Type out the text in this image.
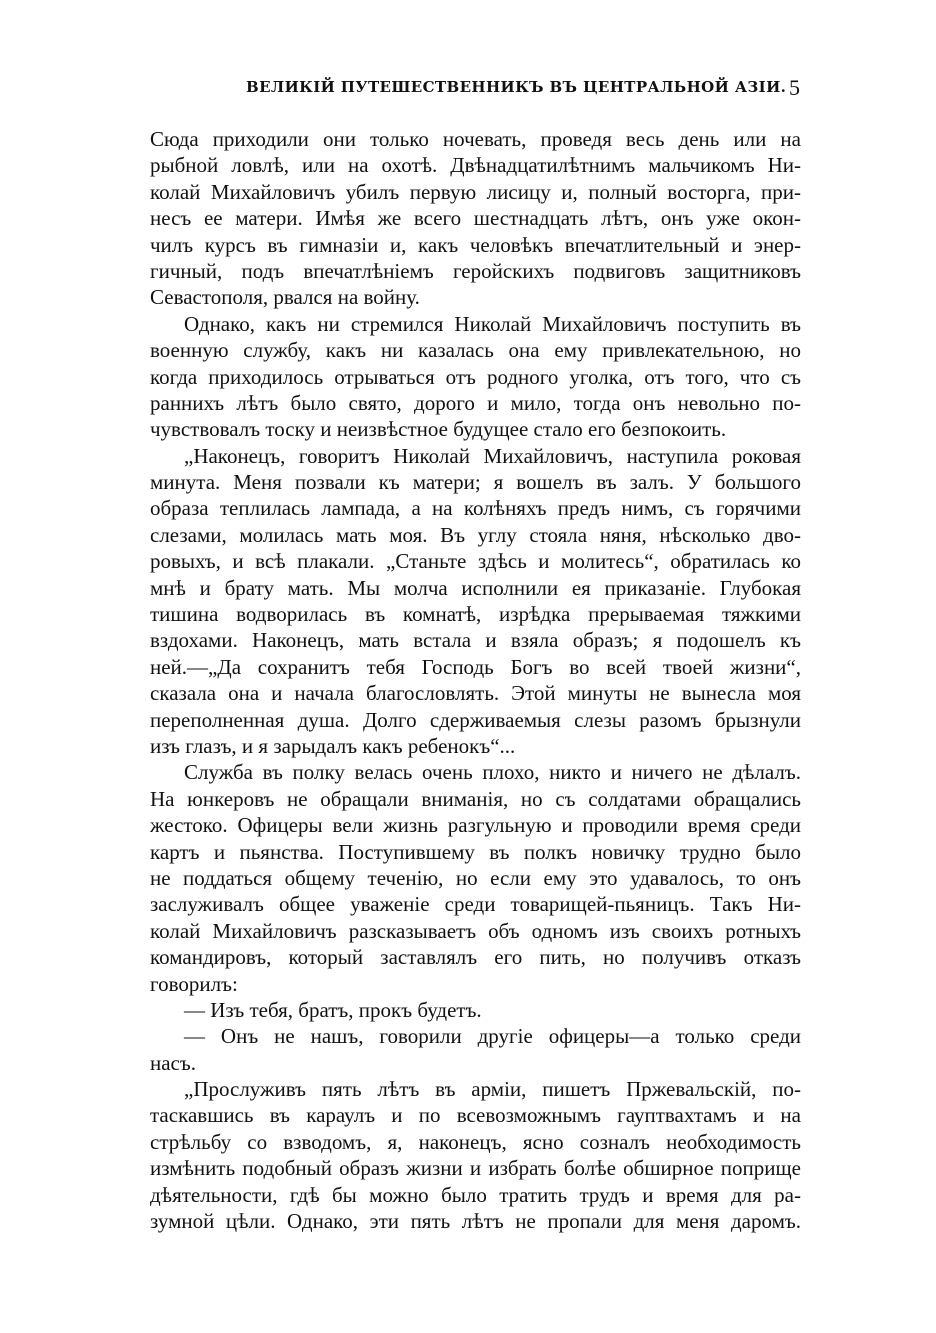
ВЕЛИКІЙ ПУТЕШЕСТВЕННИКЪ ВЪ ЦЕНТРАЛЬНОЙ АЗІИ. 5
Сюда приходили они только ночевать, проведя весь день или на
рыбной ловлѣ, или на охотѣ. Двѣнадцатилѣтнимъ мальчикомъ Ни-
колай Михайловичъ убилъ первую лисицу и, полный восторга, при-
несъ ее матери. Имѣя же всего шестнадцать лѣтъ, онъ уже окон-
чилъ курсъ въ гимназіи и, какъ человѣкъ впечатлительный и энер-
гичный, подъ впечатлѣніемъ геройскихъ подвиговъ защитниковъ
Севастополя, рвался на войну.
Однако, какъ ни стремился Николай Михайловичъ поступить въ
военную службу, какъ ни казалась она ему привлекательною, но
когда приходилось отрываться отъ родного уголка, отъ того, что съ
раннихъ лѣтъ было свято, дорого и мило, тогда онъ невольно по-
чувствовалъ тоску и неизвѣстное будущее стало его безпокоить.
„Наконецъ, говоритъ Николай Михайловичъ, наступила роковая
минута. Меня позвали къ матери; я вошелъ въ залъ. У большого
образа теплилась лампада, а на колѣняхъ предъ нимъ, съ горячими
слезами, молилась мать моя. Въ углу стояла няня, нѣсколько дво-
ровыхъ, и всѣ плакали. „Станьте здѣсь и молитесь“, обратилась ко
мнѣ и брату мать. Мы молча исполнили ея приказаніе. Глубокая
тишина водворилась въ комнатѣ, изрѣдка прерываемая тяжкими
вздохами. Наконецъ, мать встала и взяла образъ; я подошелъ къ
ней.—„Да сохранитъ тебя Господь Богъ во всей твоей жизни“,
сказала она и начала благословлять. Этой минуты не вынесла моя
переполненная душа. Долго сдерживаемыя слезы разомъ брызнули
изъ глазъ, и я зарыдалъ какъ ребенокъ“...
Служба въ полку велась очень плохо, никто и ничего не дѣлалъ.
На юнкеровъ не обращали вниманія, но съ солдатами обращались
жестоко. Офицеры вели жизнь разгульную и проводили время среди
картъ и пьянства. Поступившему въ полкъ новичку трудно было
не поддаться общему теченію, но если ему это удавалось, то онъ
заслуживалъ общее уваженіе среди товарищей-пьяницъ. Такъ Ни-
колай Михайловичъ разсказываетъ объ одномъ изъ своихъ ротныхъ
командировъ, который заставлялъ его пить, но получивъ отказъ
говорилъ:
— Изъ тебя, братъ, прокъ будетъ.
— Онъ не нашъ, говорили другіе офицеры—а только среди
насъ.
„Прослуживъ пять лѣтъ въ арміи, пишетъ Пржевальскій, по-
таскавшись въ караулъ и по всевозможнымъ гауптвахтамъ и на
стрѣльбу со взводомъ, я, наконецъ, ясно созналъ необходимость
измѣнить подобный образъ жизни и избрать болѣе обширное поприще
дѣятельности, гдѣ бы можно было тратить трудъ и время для ра-
зумной цѣли. Однако, эти пять лѣтъ не пропали для меня даромъ.
